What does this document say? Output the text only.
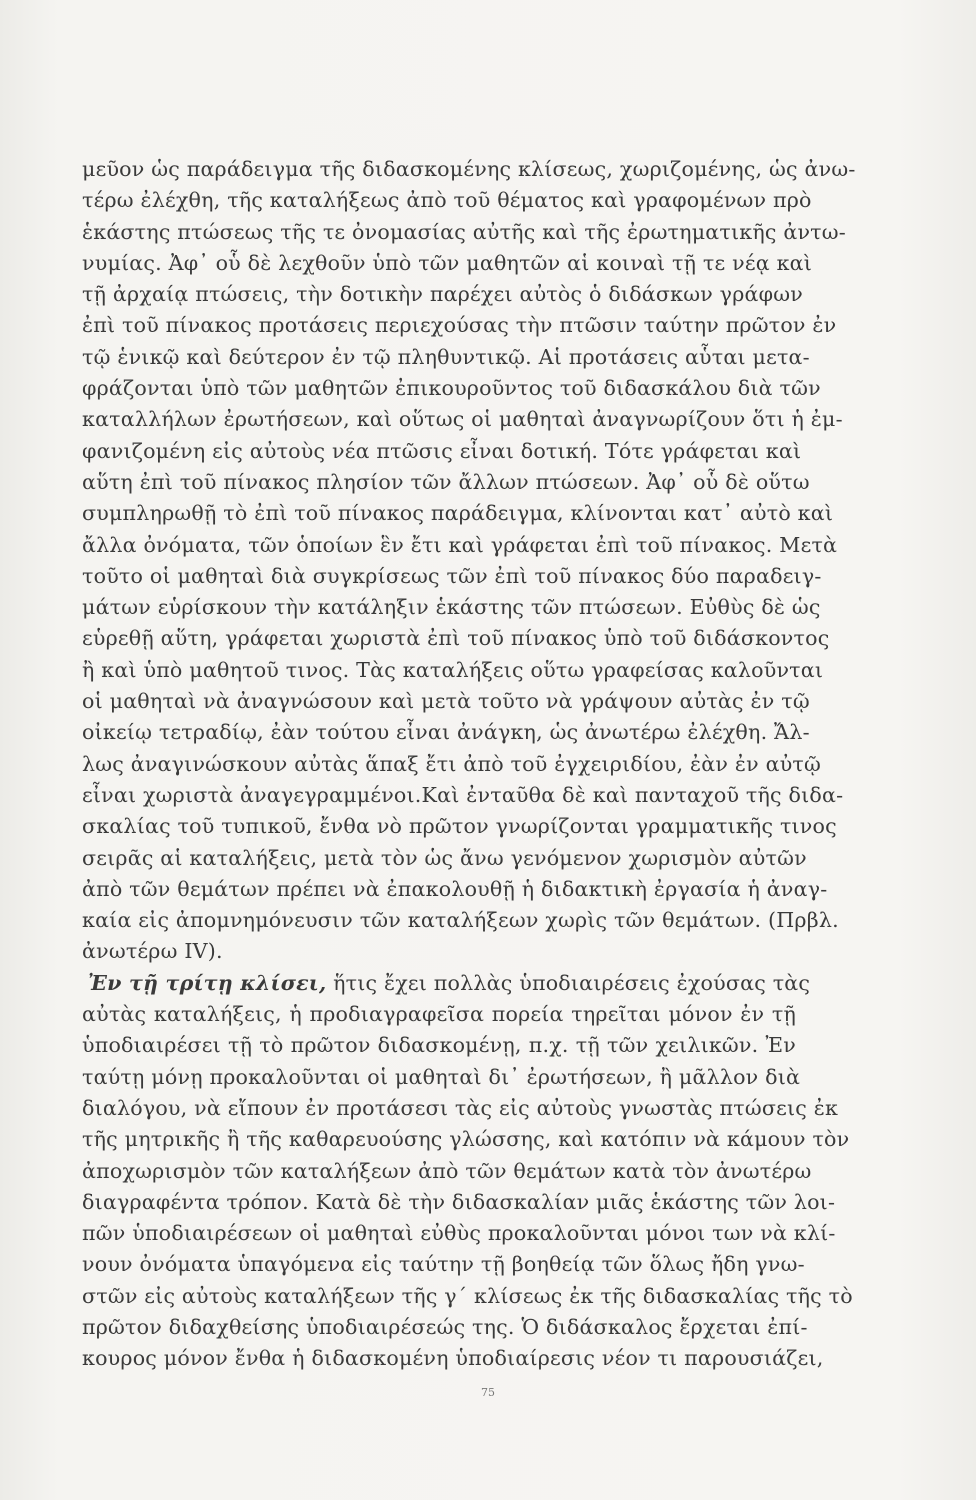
μεῦον ὡς παράδειγμα τῆς διδασκομένης κλίσεως, χωριζομένης, ὡς ἀνω-
τέρω ἐλέχθη, τῆς καταλήξεως ἀπὸ τοῦ θέματος καὶ γραφομένων πρὸ
ἑκάστης πτώσεως τῆς τε ὀνομασίας αὐτῆς καὶ τῆς ἐρωτηματικῆς ἀντω-
νυμίας. Ἀφ᾿ οὗ δὲ λεχθοῦν ὑπὸ τῶν μαθητῶν αἱ κοιναὶ τῇ τε νέᾳ καὶ
τῇ ἀρχαίᾳ πτώσεις, τὴν δοτικὴν παρέχει αὐτὸς ὁ διδάσκων γράφων
ἐπὶ τοῦ πίνακος προτάσεις περιεχούσας τὴν πτῶσιν ταύτην πρῶτον ἐν
τῷ ἑνικῷ καὶ δεύτερον ἐν τῷ πληθυντικῷ. Αἱ προτάσεις αὗται μετα-
φράζονται ὑπὸ τῶν μαθητῶν ἐπικουροῦντος τοῦ διδασκάλου διὰ τῶν
καταλλήλων ἐρωτήσεων, καὶ οὕτως οἱ μαθηταὶ ἀναγνωρίζουν ὅτι ἡ ἐμ-
φανιζομένη εἰς αὐτοὺς νέα πτῶσις εἶναι δοτική. Τότε γράφεται καὶ
αὕτη ἐπὶ τοῦ πίνακος πλησίον τῶν ἄλλων πτώσεων. Ἀφ᾿ οὗ δὲ οὕτω
συμπληρωθῇ τὸ ἐπὶ τοῦ πίνακος παράδειγμα, κλίνονται κατ᾿ αὐτὸ καὶ
ἄλλα ὀνόματα, τῶν ὁποίων ἓν ἔτι καὶ γράφεται ἐπὶ τοῦ πίνακος. Μετὰ
τοῦτο οἱ μαθηταὶ διὰ συγκρίσεως τῶν ἐπὶ τοῦ πίνακος δύο παραδειγ-
μάτων εὑρίσκουν τὴν κατάληξιν ἑκάστης τῶν πτώσεων. Εὐθὺς δὲ ὡς
εὑρεθῇ αὕτη, γράφεται χωριστὰ ἐπὶ τοῦ πίνακος ὑπὸ τοῦ διδάσκοντος
ἢ καὶ ὑπὸ μαθητοῦ τινος. Τὰς καταλήξεις οὕτω γραφείσας καλοῦνται
οἱ μαθηταὶ νὰ ἀναγνώσουν καὶ μετὰ τοῦτο νὰ γράψουν αὐτὰς ἐν τῷ
οἰκείῳ τετραδίῳ, ἐὰν τούτου εἶναι ἀνάγκη, ὡς ἀνωτέρω ἐλέχθη. Ἄλ-
λως ἀναγινώσκουν αὐτὰς ἅπαξ ἔτι ἀπὸ τοῦ ἐγχειριδίου, ἐὰν ἐν αὐτῷ
εἶναι χωριστὰ ἀναγεγραμμένοι.Καὶ ἐνταῦθα δὲ καὶ πανταχοῦ τῆς διδα-
σκαλίας τοῦ τυπικοῦ, ἔνθα νὸ πρῶτον γνωρίζονται γραμματικῆς τινος
σειρᾶς αἱ καταλήξεις, μετὰ τὸν ὡς ἄνω γενόμενον χωρισμὸν αὐτῶν
ἀπὸ τῶν θεμάτων πρέπει νὰ ἐπακολουθῇ ἡ διδακτικὴ ἐργασία ἡ ἀναγ-
καία εἰς ἀπομνημόνευσιν τῶν καταλήξεων χωρὶς τῶν θεμάτων. (Πρβλ.
ἀνωτέρω IV).
Ἐν τῇ τρίτῃ κλίσει, ἥτις ἔχει πολλὰς ὑποδιαιρέσεις ἐχούσας τὰς
αὐτὰς καταλήξεις, ἡ προδιαγραφεῖσα πορεία τηρεῖται μόνον ἐν τῇ
ὑποδιαιρέσει τῇ τὸ πρῶτον διδασκομένῃ, π.χ. τῇ τῶν χειλικῶν. Ἐν
ταύτῃ μόνῃ προκαλοῦνται οἱ μαθηταὶ δι᾿ ἐρωτήσεων, ἢ μᾶλλον διὰ
διαλόγου, νὰ εἴπουν ἐν προτάσεσι τὰς εἰς αὐτοὺς γνωστὰς πτώσεις ἐκ
τῆς μητρικῆς ἢ τῆς καθαρευούσης γλώσσης, καὶ κατόπιν νὰ κάμουν τὸν
ἀποχωρισμὸν τῶν καταλήξεων ἀπὸ τῶν θεμάτων κατὰ τὸν ἀνωτέρω
διαγραφέντα τρόπον. Κατὰ δὲ τὴν διδασκαλίαν μιᾶς ἑκάστης τῶν λοι-
πῶν ὑποδιαιρέσεων οἱ μαθηταὶ εὐθὺς προκαλοῦνται μόνοι των νὰ κλί-
νουν ὀνόματα ὑπαγόμενα εἰς ταύτην τῇ βοηθείᾳ τῶν ὅλως ἤδη γνω-
στῶν εἰς αὐτοὺς καταλήξεων τῆς γ´ κλίσεως ἐκ τῆς διδασκαλίας τῆς τὸ
πρῶτον διδαχθείσης ὑποδιαιρέσεώς της. Ὁ διδάσκαλος ἔρχεται ἐπί-
κουρος μόνον ἔνθα ἡ διδασκομένη ὑποδιαίρεσις νέον τι παρουσιάζει,
75
